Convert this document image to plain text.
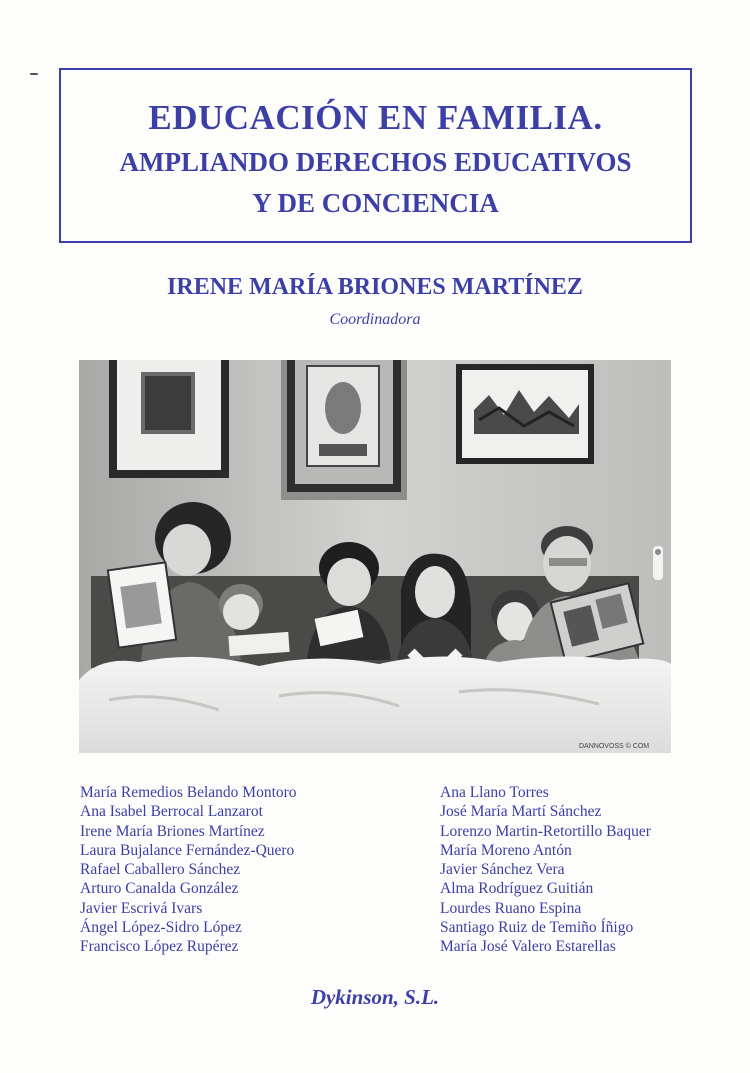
EDUCACIÓN EN FAMILIA.
AMPLIANDO DERECHOS EDUCATIVOS
Y DE CONCIENCIA
IRENE MARÍA BRIONES MARTÍNEZ
Coordinadora
DANNOVOSS © COM
María Remedios Belando Montoro
Ana Isabel Berrocal Lanzarot
Irene María Briones Martínez
Laura Bujalance Fernández-Quero
Rafael Caballero Sánchez
Arturo Canalda González
Javier Escrivá Ivars
Ángel López-Sidro López
Francisco López Rupérez
Ana Llano Torres
José María Martí Sánchez
Lorenzo Martin-Retortillo Baquer
María Moreno Antón
Javier Sánchez Vera
Alma Rodríguez Guitián
Lourdes Ruano Espina
Santiago Ruiz de Temiño Íñigo
María José Valero Estarellas
Dykinson, S.L.
